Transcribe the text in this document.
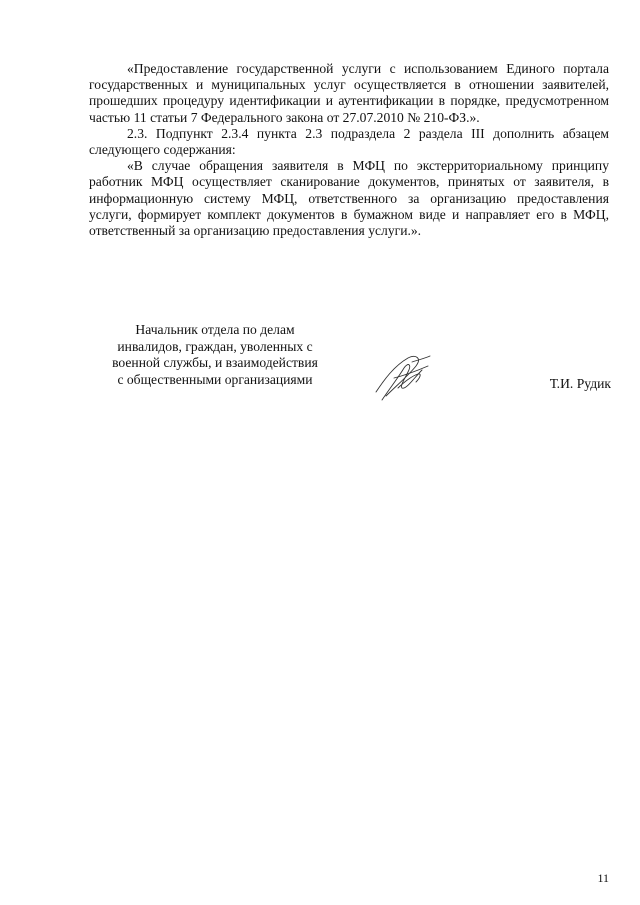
«Предоставление государственной услуги с использованием Единого портала государственных и муниципальных услуг осуществляется в отношении заявителей, прошедших процедуру идентификации и аутентификации в порядке, предусмотренном частью 11 статьи 7 Федерального закона от 27.07.2010 № 210-ФЗ.».

2.3. Подпункт 2.3.4 пункта 2.3 подраздела 2 раздела III дополнить абзацем следующего содержания:

«В случае обращения заявителя в МФЦ по экстерриториальному принципу работник МФЦ осуществляет сканирование документов, принятых от заявителя, в информационную систему МФЦ, ответственного за организацию предоставления услуги, формирует комплект документов в бумажном виде и направляет его в МФЦ, ответственный за организацию предоставления услуги.».

Начальник отдела по делам
инвалидов, граждан, уволенных с
военной службы, и взаимодействия
с общественными организациями	Т.И. Рудик
11
